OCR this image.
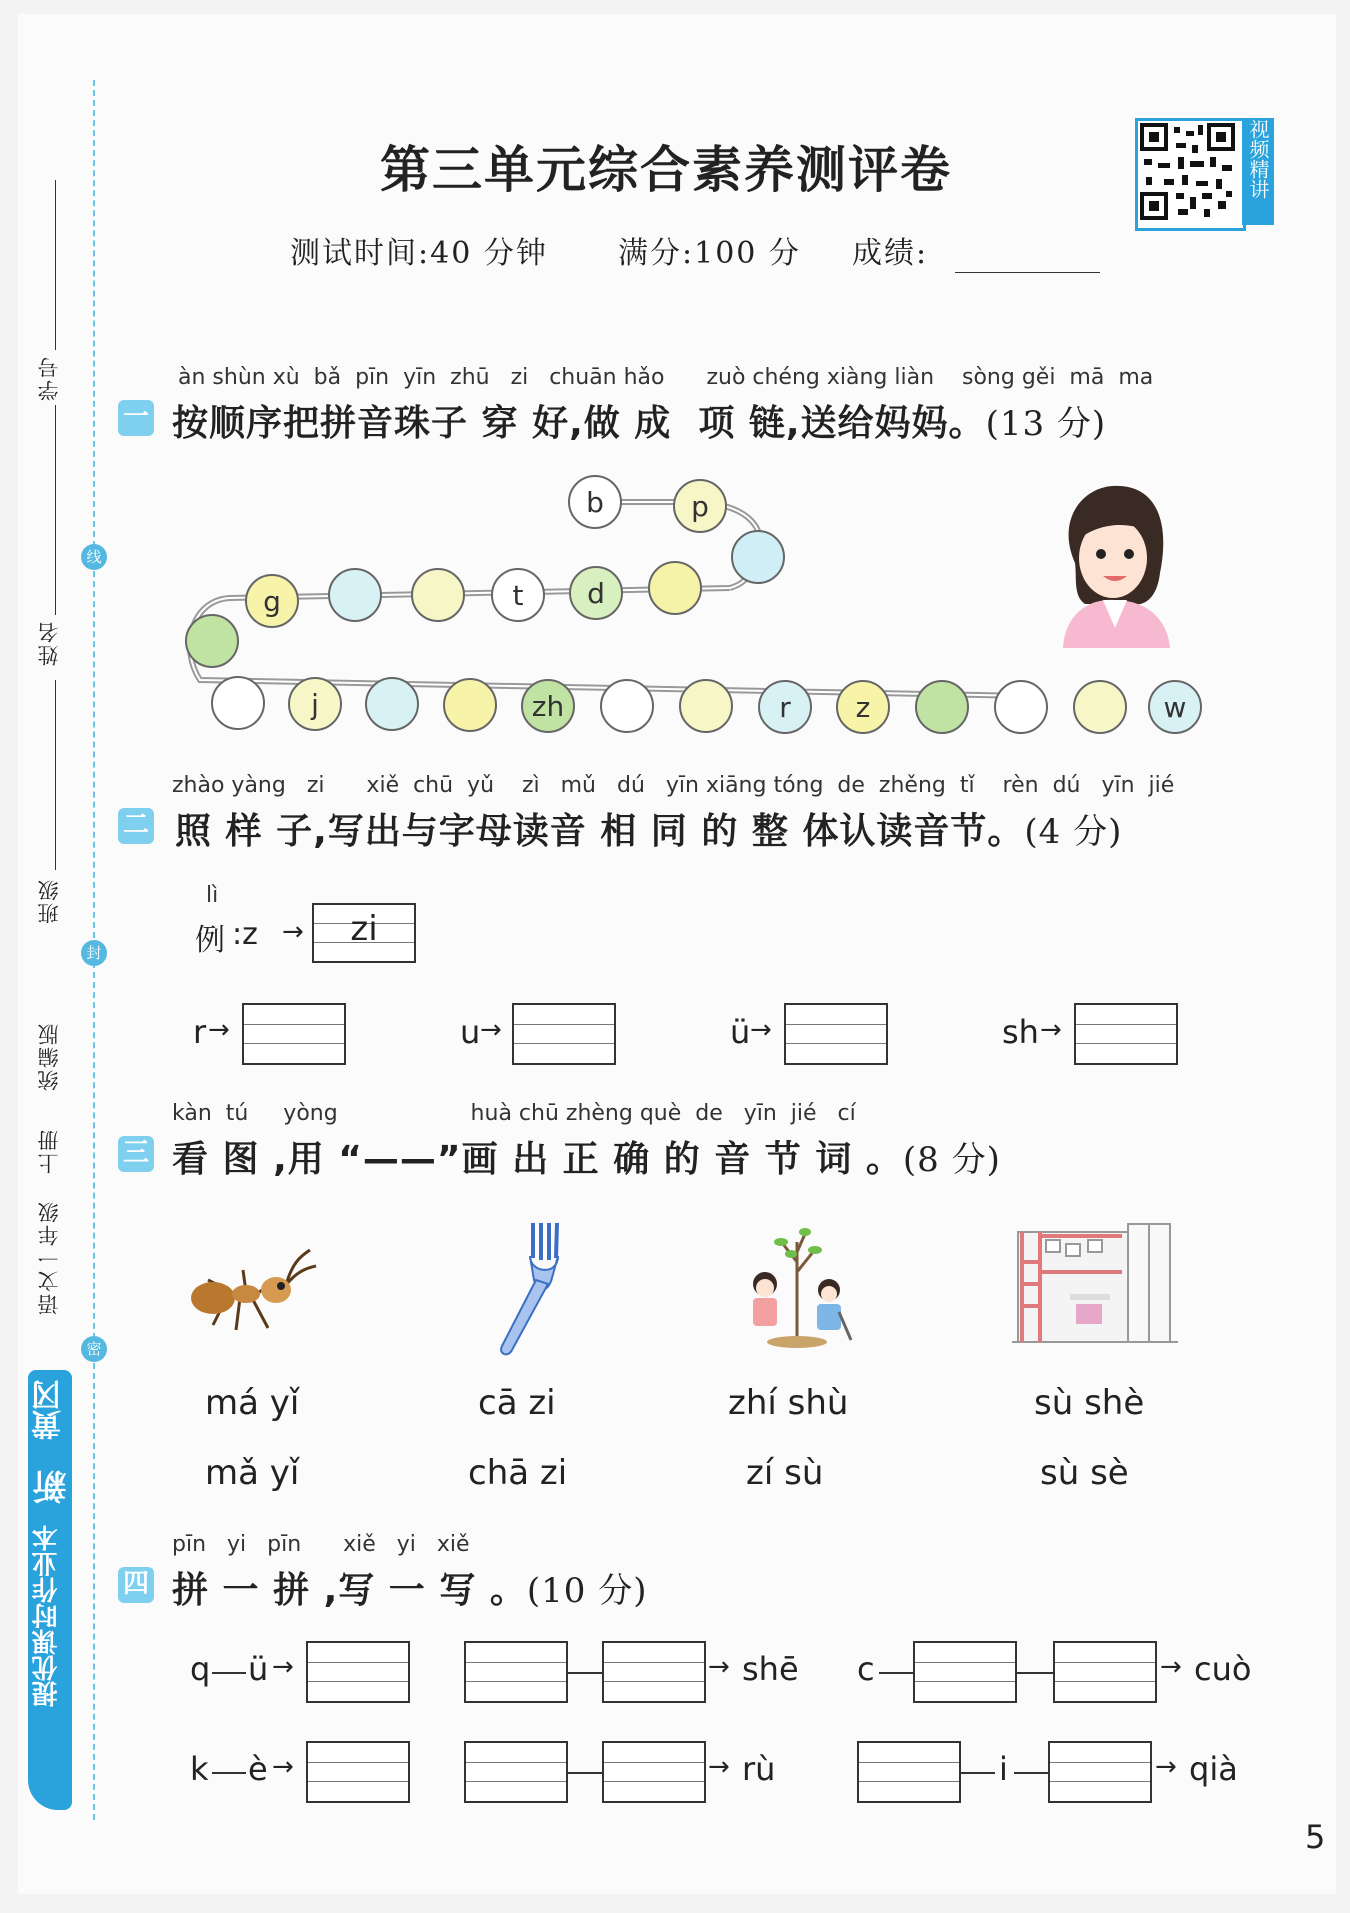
学号
姓名
班级
统编版
上册
语文一年级
线
封
密
黄冈
新
提优课时作业本
第三单元综合素养测评卷
测试时间:40 分钟 满分:100 分 成绩:
视频精讲
àn shùn xù  bǎ  pīn  yīn  zhū   zi   chuān hǎo      zuò chéng xiàng liàn    sòng gěi  mā  ma
一 按顺序把拼音珠子 穿 好,做 成  项 链,送给妈妈。(13 分)
b	p
g	t d
j	zh	r z	w
zhào yàng   zi      xiě  chū  yǔ    zì   mǔ   dú   yīn xiāng tóng  de  zhěng  tǐ    rèn  dú   yīn  jié
二 照 样 子,写出与字母读音 相 同 的 整 体认读音节。(4 分)
lì
例 :z →	zi
r →	u →	ü →	sh →
kàn  tú     yòng                   huà chū zhèng què  de   yīn  jié   cí
三 看 图 ,用 “——”画 出 正 确 的 音 节 词 。(8 分)
má yǐ	cā zi	zhí shù	sù shè
mǎ yǐ	chā zi	zí sù	sù sè
pīn   yi   pīn      xiě   yi   xiě
四 拼 一 拼 ,写 一 写 。(10 分)
q ü →	→ shē c	→ cuò
k è →	→ rù	i	→ qià
5
